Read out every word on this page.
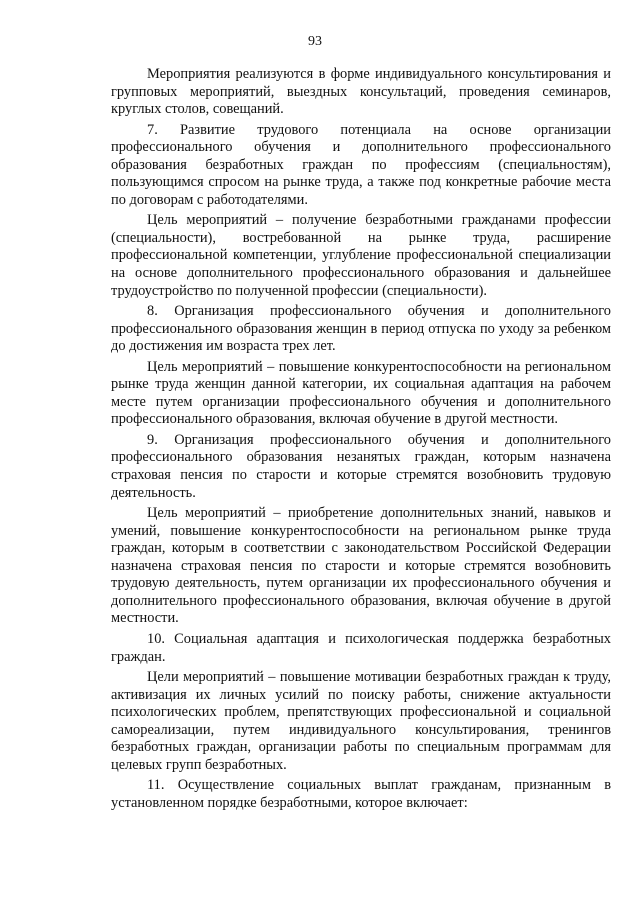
93

Мероприятия реализуются в форме индивидуального консультирования и групповых мероприятий, выездных консультаций, проведения семинаров, круглых столов, совещаний.

7. Развитие трудового потенциала на основе организации профессионального обучения и дополнительного профессионального образования безработных граждан по профессиям (специальностям), пользующимся спросом на рынке труда, а также под конкретные рабочие места по договорам с работодателями.

Цель мероприятий – получение безработными гражданами профессии (специальности), востребованной на рынке труда, расширение профессиональной компетенции, углубление профессиональной специализации на основе дополнительного профессионального образования и дальнейшее трудоустройство по полученной профессии (специальности).

8. Организация профессионального обучения и дополнительного профессионального образования женщин в период отпуска по уходу за ребенком до достижения им возраста трех лет.

Цель мероприятий – повышение конкурентоспособности на региональном рынке труда женщин данной категории, их социальная адаптация на рабочем месте путем организации профессионального обучения и дополнительного профессионального образования, включая обучение в другой местности.

9. Организация профессионального обучения и дополнительного профессионального образования незанятых граждан, которым назначена страховая пенсия по старости и которые стремятся возобновить трудовую деятельность.

Цель мероприятий – приобретение дополнительных знаний, навыков и умений, повышение конкурентоспособности на региональном рынке труда граждан, которым в соответствии с законодательством Российской Федерации назначена страховая пенсия по старости и которые стремятся возобновить трудовую деятельность, путем организации их профессионального обучения и дополнительного профессионального образования, включая обучение в другой местности.

10. Социальная адаптация и психологическая поддержка безработных граждан.

Цели мероприятий – повышение мотивации безработных граждан к труду, активизация их личных усилий по поиску работы, снижение актуальности психологических проблем, препятствующих профессиональной и социальной самореализации, путем индивидуального консультирования, тренингов безработных граждан, организации работы по специальным программам для целевых групп безработных.

11. Осуществление социальных выплат гражданам, признанным в установленном порядке безработными, которое включает:
